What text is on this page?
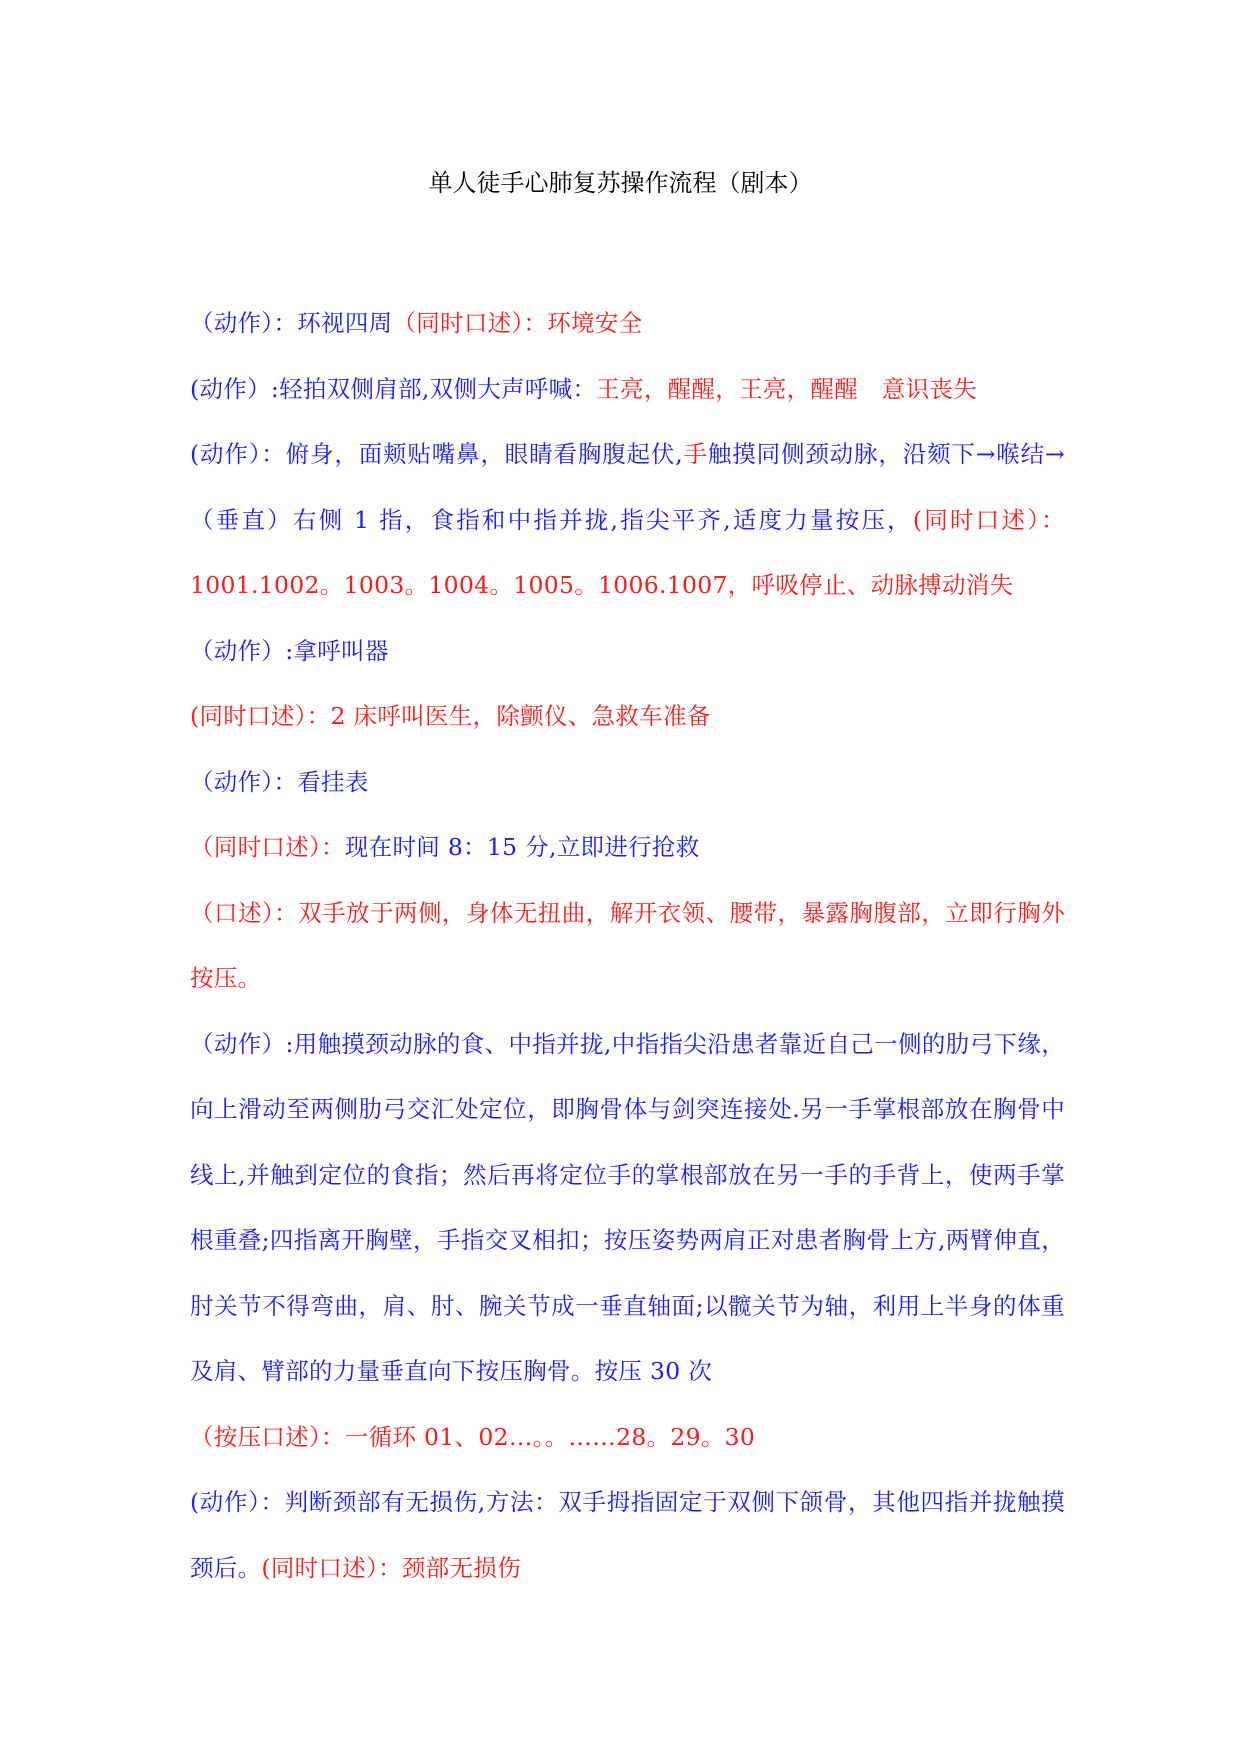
单人徒手心肺复苏操作流程（剧本）

（动作）：环视四周（同时口述）：环境安全

(动作）:轻拍双侧肩部,双侧大声呼喊：王亮，醒醒，王亮，醒醒　意识丧失

(动作）：俯身，面颊贴嘴鼻，眼睛看胸腹起伏,手触摸同侧颈动脉，沿颏下→喉结→（垂直）右侧 1 指，食指和中指并拢,指尖平齐,适度力量按压，(同时口述）：1001.1002。1003。1004。1005。1006.1007，呼吸停止、动脉搏动消失

（动作）:拿呼叫器

(同时口述）：2 床呼叫医生，除颤仪、急救车准备

（动作）：看挂表

（同时口述）：现在时间 8：15 分,立即进行抢救

（口述）：双手放于两侧，身体无扭曲，解开衣领、腰带，暴露胸腹部，立即行胸外按压。

（动作）:用触摸颈动脉的食、中指并拢,中指指尖沿患者靠近自己一侧的肋弓下缘，向上滑动至两侧肋弓交汇处定位，即胸骨体与剑突连接处.另一手掌根部放在胸骨中线上,并触到定位的食指；然后再将定位手的掌根部放在另一手的手背上，使两手掌根重叠;四指离开胸壁，手指交叉相扣；按压姿势两肩正对患者胸骨上方,两臂伸直，肘关节不得弯曲，肩、肘、腕关节成一垂直轴面;以髋关节为轴，利用上半身的体重及肩、臂部的力量垂直向下按压胸骨。按压 30 次

（按压口述）：一循环 01、02…。。……28。29。30

(动作）：判断颈部有无损伤,方法：双手拇指固定于双侧下颌骨，其他四指并拢触摸颈后。(同时口述）：颈部无损伤
